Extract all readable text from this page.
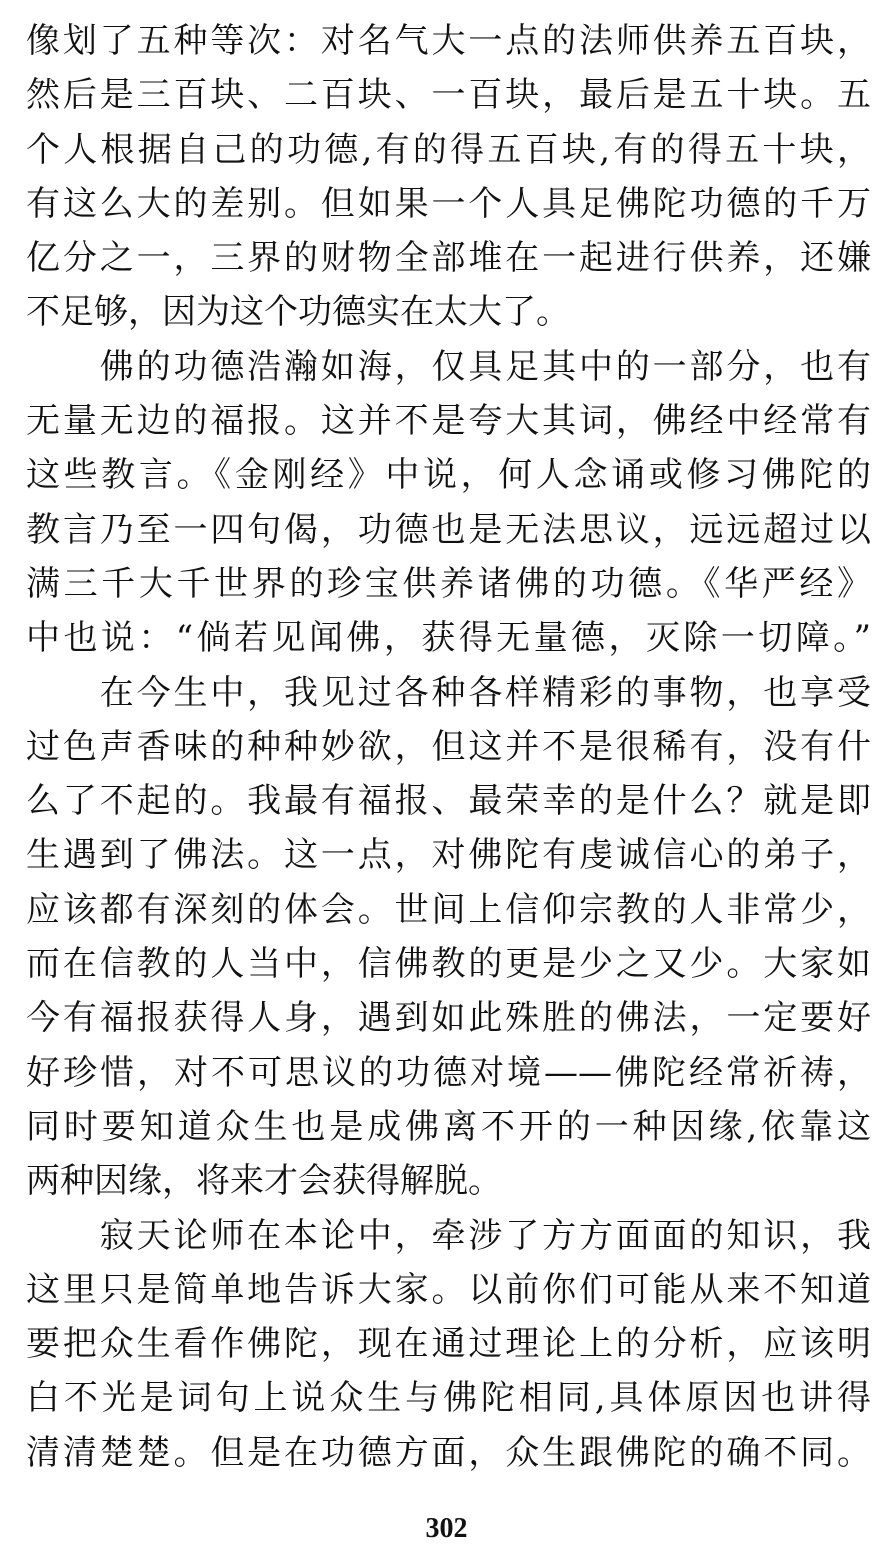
像划了五种等次：对名气大一点的法师供养五百块，
然后是三百块、二百块、一百块，最后是五十块。五
个人根据自己的功德,有的得五百块,有的得五十块，
有这么大的差别。但如果一个人具足佛陀功德的千万
亿分之一，三界的财物全部堆在一起进行供养，还嫌
不足够，因为这个功德实在太大了。
　　佛的功德浩瀚如海，仅具足其中的一部分，也有
无量无边的福报。这并不是夸大其词，佛经中经常有
这些教言。《金刚经》中说，何人念诵或修习佛陀的
教言乃至一四句偈，功德也是无法思议，远远超过以
满三千大千世界的珍宝供养诸佛的功德。《华严经》
中也说：“倘若见闻佛，获得无量德，灭除一切障。”
　　在今生中，我见过各种各样精彩的事物，也享受
过色声香味的种种妙欲，但这并不是很稀有，没有什
么了不起的。我最有福报、最荣幸的是什么？就是即
生遇到了佛法。这一点，对佛陀有虔诚信心的弟子，
应该都有深刻的体会。世间上信仰宗教的人非常少，
而在信教的人当中，信佛教的更是少之又少。大家如
今有福报获得人身，遇到如此殊胜的佛法，一定要好
好珍惜，对不可思议的功德对境——佛陀经常祈祷，
同时要知道众生也是成佛离不开的一种因缘,依靠这
两种因缘，将来才会获得解脱。
　　寂天论师在本论中，牵涉了方方面面的知识，我
这里只是简单地告诉大家。以前你们可能从来不知道
要把众生看作佛陀，现在通过理论上的分析，应该明
白不光是词句上说众生与佛陀相同,具体原因也讲得
清清楚楚。但是在功德方面，众生跟佛陀的确不同。
302
